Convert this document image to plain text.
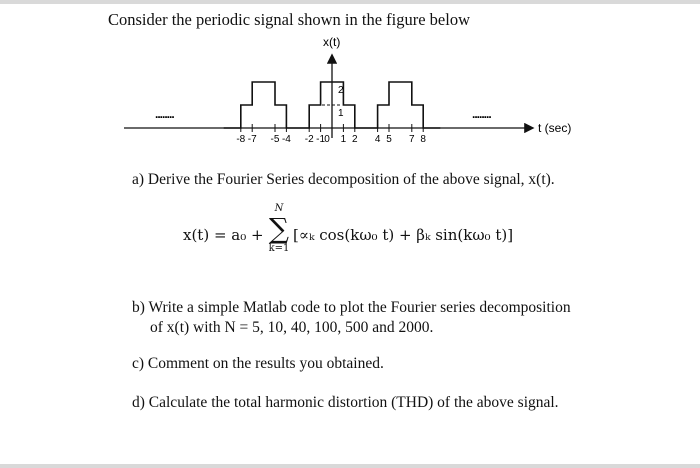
Consider the periodic signal shown in the figure below
-8 -7 -5 -4 -2 -1 0 1 2 4 5 7 8
1
2
x(t)
t (sec)
........	........
a) Derive the Fourier Series decomposition of the above signal, x(t).
x(t) = a₀ +
N
∑
k=1
[∝ₖ cos(kω₀ t) + βₖ sin(kω₀ t)]
b) Write a simple Matlab code to plot the Fourier series decomposition
of x(t) with N = 5, 10, 40, 100, 500 and 2000.
c) Comment on the results you obtained.
d) Calculate the total harmonic distortion (THD) of the above signal.
